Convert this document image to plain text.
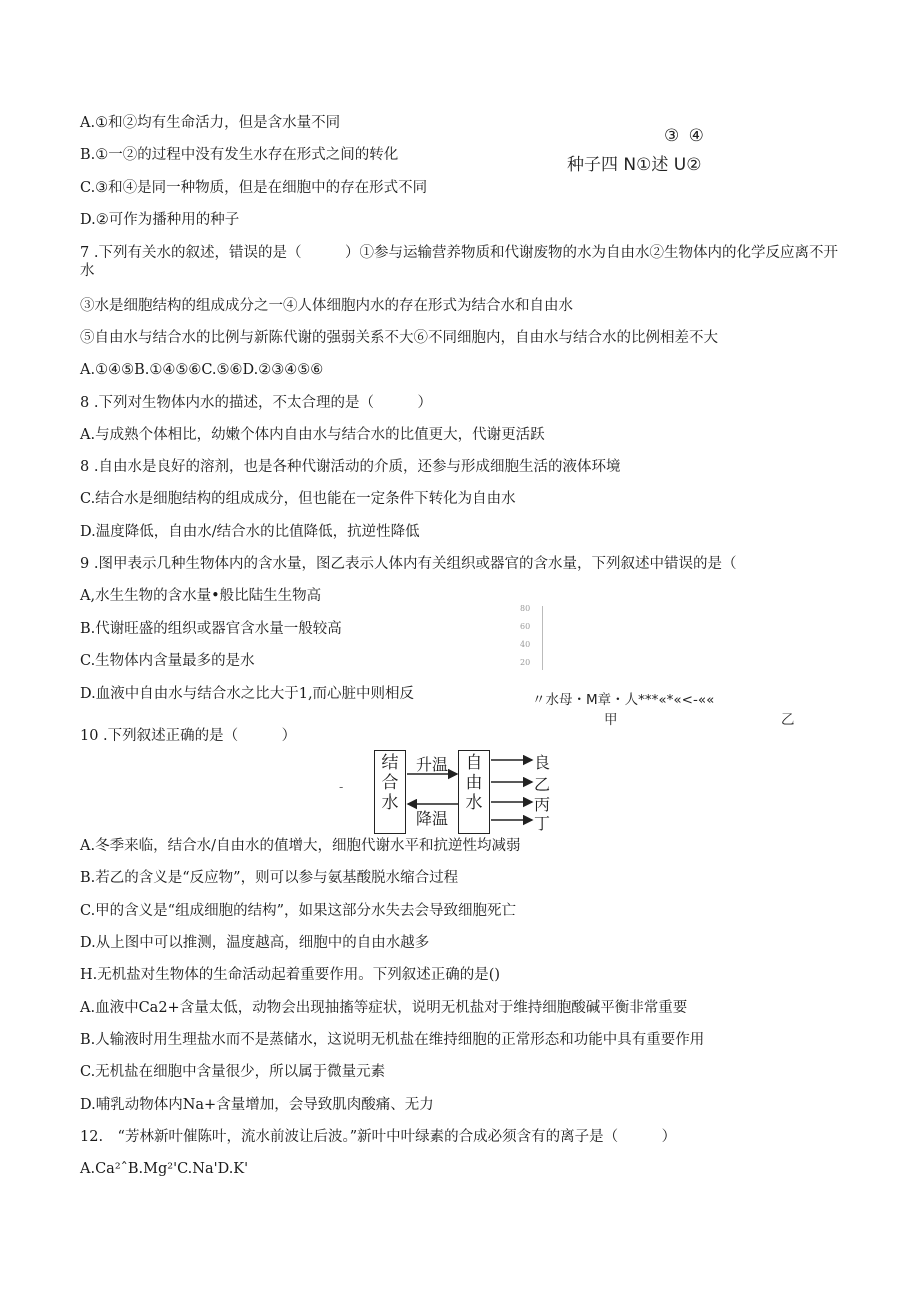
A.①和②均有生命活力，但是含水量不同
B.①一②的过程中没有发生水存在形式之间的转化
C.③和④是同一种物质，但是在细胞中的存在形式不同
D.②可作为播种用的种子
③ ④
种子四 N①述 U②
7 .下列有关水的叙述，错误的是（　　　）①参与运输营养物质和代谢废物的水为自由水②生物体内的化学反应离不开水
③水是细胞结构的组成成分之一④人体细胞内水的存在形式为结合水和自由水
⑤自由水与结合水的比例与新陈代谢的强弱关系不大⑥不同细胞内，自由水与结合水的比例相差不大
A.①④⑤B.①④⑤⑥C.⑤⑥D.②③④⑤⑥
8 .下列对生物体内水的描述，不太合理的是（　　　）
A.与成熟个体相比，幼嫩个体内自由水与结合水的比值更大，代谢更活跃
8 .自由水是良好的溶剂，也是各种代谢活动的介质，还参与形成细胞生活的液体环境
C.结合水是细胞结构的组成成分，但也能在一定条件下转化为自由水
D.温度降低，自由水/结合水的比值降低，抗逆性降低
9 .图甲表示几种生物体内的含水量，图乙表示人体内有关组织或器官的含水量，下列叙述中错误的是（
A,水生生物的含水量•般比陆生生物高
B.代谢旺盛的组织或器官含水量一般较高
C.生物体内含量最多的是水
D.血液中自由水与结合水之比大于1,而心脏中则相反
80
60
40
20
〃水母・M章・人***«*«<-««
甲	乙
10 .下列叙述正确的是（　　　）
-
结
合
水
自
由
水
升温
降温
良
乙
丙
丁
A.冬季来临，结合水/自由水的值增大，细胞代谢水平和抗逆性均减弱
B.若乙的含义是“反应物”，则可以参与氨基酸脱水缩合过程
C.甲的含义是“组成细胞的结构”，如果这部分水失去会导致细胞死亡
D.从上图中可以推测，温度越高，细胞中的自由水越多
H.无机盐对生物体的生命活动起着重要作用。下列叙述正确的是()
A.血液中Ca2+含量太低，动物会出现抽搐等症状，说明无机盐对于维持细胞酸碱平衡非常重要
B.人输液时用生理盐水而不是蒸储水，这说明无机盐在维持细胞的正常形态和功能中具有重要作用
C.无机盐在细胞中含量很少，所以属于微量元素
D.哺乳动物体内Na+含量增加，会导致肌肉酸痛、无力
12.　“芳林新叶催陈叶，流水前波让后波。”新叶中叶绿素的合成必须含有的离子是（　　　）
A.Ca²ˆB.Mg²'C.Na'D.K'
